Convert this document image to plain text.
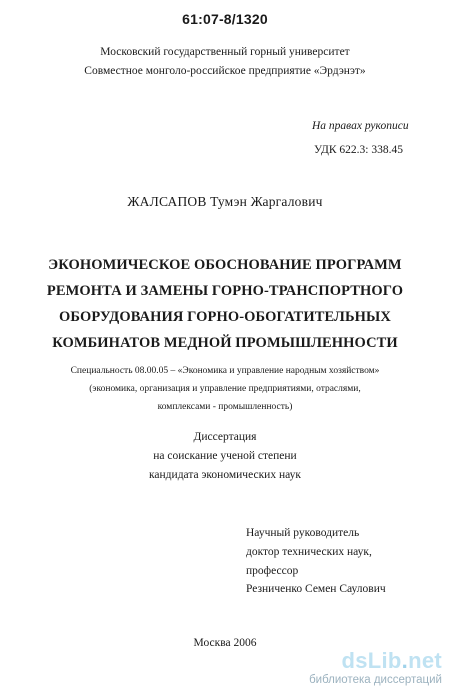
61:07-8/1320
Московский государственный горный университет
Совместное монголо-российское предприятие «Эрдэнэт»
На правах рукописи
УДК 622.3: 338.45
ЖАЛСАПОВ Тумэн Жаргалович
ЭКОНОМИЧЕСКОЕ ОБОСНОВАНИЕ ПРОГРАММ
РЕМОНТА И ЗАМЕНЫ ГОРНО-ТРАНСПОРТНОГО
ОБОРУДОВАНИЯ ГОРНО-ОБОГАТИТЕЛЬНЫХ
КОМБИНАТОВ МЕДНОЙ ПРОМЫШЛЕННОСТИ
Специальность 08.00.05 – «Экономика и управление народным хозяйством»
(экономика, организация и управление предприятиями, отраслями,
комплексами - промышленность)
Диссертация
на соискание ученой степени
кандидата экономических наук
Научный руководитель
доктор технических наук,
профессор
Резниченко Семен Саулович
Москва 2006
dsLib.net
библиотека диссертаций
